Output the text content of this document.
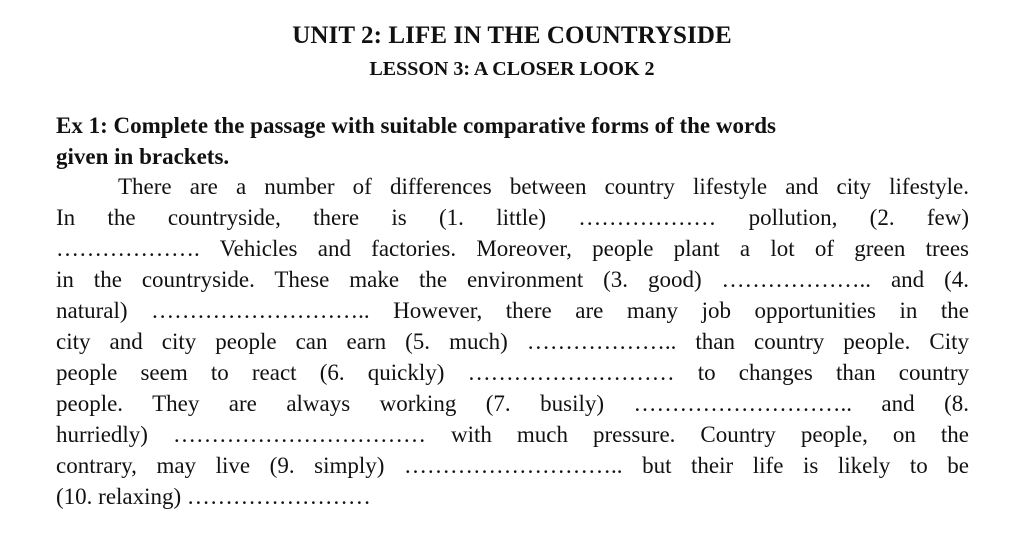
UNIT 2: LIFE IN THE COUNTRYSIDE
LESSON 3: A CLOSER LOOK 2
Ex 1: Complete the passage with suitable comparative forms of the words
given in brackets.
There are a number of differences between country lifestyle and city lifestyle.
In the countryside, there is (1. little) ……………… pollution, (2. few)
………………. Vehicles and factories. Moreover, people plant a lot of green trees
in the countryside. These make the environment (3. good) ……………….. and (4.
natural) ……………………….. However, there are many job opportunities in the
city and city people can earn (5. much) ……………….. than country people. City
people seem to react (6. quickly) ……………………… to changes than country
people. They are always working (7. busily) ……………………….. and (8.
hurriedly) …………………………… with much pressure. Country people, on the
contrary, may live (9. simply) ……………………….. but their life is likely to be
(10. relaxing) ……………………
